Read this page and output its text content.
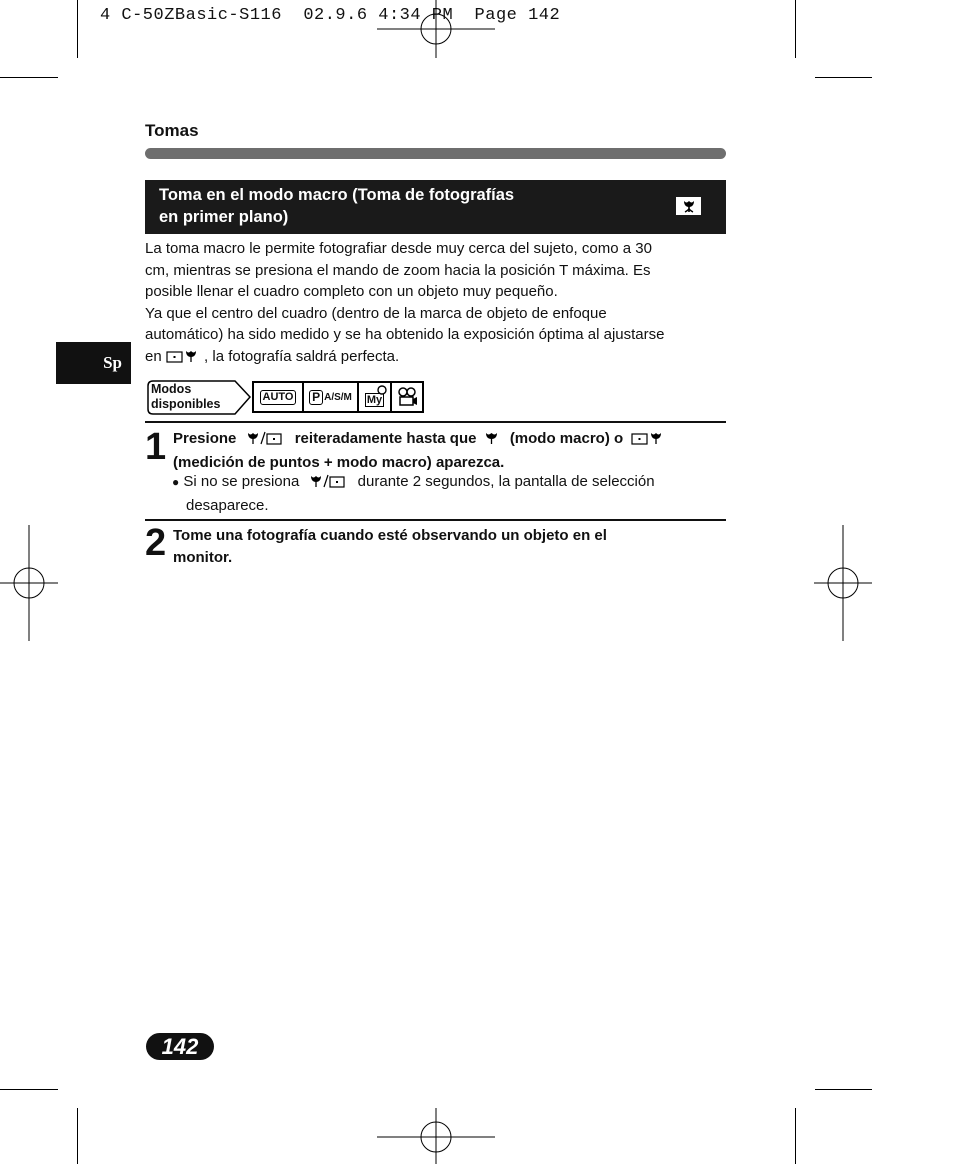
4 C-50ZBasic-S116  02.9.6 4:34 PM  Page 142
Tomas
Toma en el modo macro (Toma de fotografías
en primer plano)

La toma macro le permite fotografiar desde muy cerca del sujeto, como a 30

cm, mientras se presiona el mando de zoom hacia la posición T máxima. Es

posible llenar el cuadro completo con un objeto muy pequeño.

Ya que el centro del cuadro (dentro de la marca de objeto de enfoque

automático) ha sido medido y se ha obtenido la exposición óptima al ajustarse

en	, la fotografía saldrá perfecta.

Sp
Modos
disponibles	AUTO P A/S/M My
1 Presione	reiteradamente hasta que (modo macro) o
(medición de puntos + modo macro) aparezca.
● Si no se presiona	durante 2 segundos, la pantalla de selección
desaparece.
2 Tome una fotografía cuando esté observando un objeto en el
monitor.
142
